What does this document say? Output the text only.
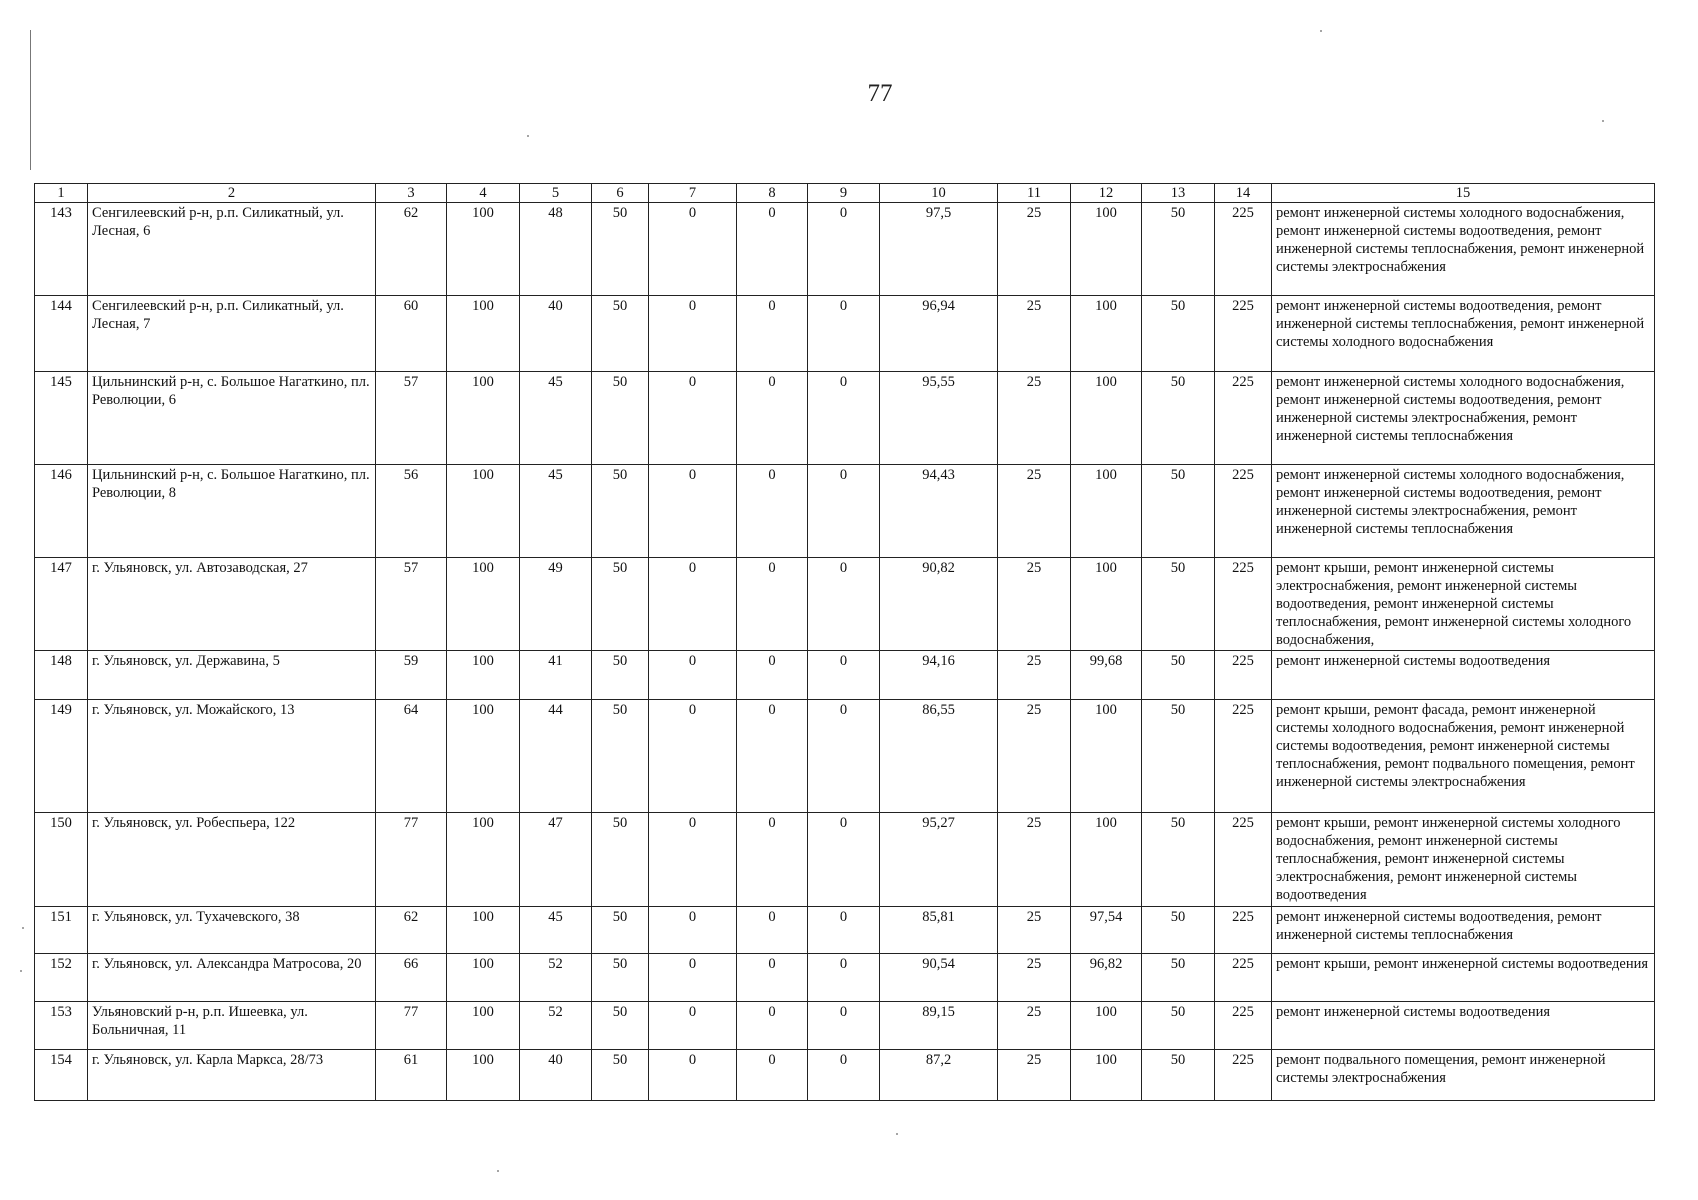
77
1	2	3	4	5	6	7	8	9	10	11	12	13	14	15
143	Сенгилеевский р-н, р.п. Силикатный, ул. Лесная, 6	62	100	48	50	0	0	0	97,5	25	100	50	225	ремонт инженерной системы холодного водоснабжения, ремонт инженерной системы водоотведения, ремонт инженерной системы теплоснабжения, ремонт инженерной системы электроснабжения
144	Сенгилеевский р-н, р.п. Силикатный, ул. Лесная, 7	60	100	40	50	0	0	0	96,94	25	100	50	225	ремонт инженерной системы водоотведения, ремонт инженерной системы теплоснабжения, ремонт инженерной системы холодного водоснабжения
145	Цильнинский р-н, с. Большое Нагаткино, пл. Революции, 6	57	100	45	50	0	0	0	95,55	25	100	50	225	ремонт инженерной системы холодного водоснабжения, ремонт инженерной системы водоотведения, ремонт инженерной системы электроснабжения, ремонт инженерной системы теплоснабжения
146	Цильнинский р-н, с. Большое Нагаткино, пл. Революции, 8	56	100	45	50	0	0	0	94,43	25	100	50	225	ремонт инженерной системы холодного водоснабжения, ремонт инженерной системы водоотведения, ремонт инженерной системы электроснабжения, ремонт инженерной системы теплоснабжения
147	г. Ульяновск, ул. Автозаводская, 27	57	100	49	50	0	0	0	90,82	25	100	50	225	ремонт крыши, ремонт инженерной системы электроснабжения, ремонт инженерной системы водоотведения, ремонт инженерной системы теплоснабжения, ремонт инженерной системы холодного водоснабжения,
148	г. Ульяновск, ул. Державина, 5	59	100	41	50	0	0	0	94,16	25	99,68	50	225	ремонт инженерной системы водоотведения
149	г. Ульяновск, ул. Можайского, 13	64	100	44	50	0	0	0	86,55	25	100	50	225	ремонт крыши, ремонт фасада, ремонт инженерной системы холодного водоснабжения, ремонт инженерной системы водоотведения, ремонт инженерной системы теплоснабжения, ремонт подвального помещения, ремонт инженерной системы электроснабжения
150	г. Ульяновск, ул. Робеспьера, 122	77	100	47	50	0	0	0	95,27	25	100	50	225	ремонт крыши, ремонт инженерной системы холодного водоснабжения, ремонт инженерной системы теплоснабжения, ремонт инженерной системы электроснабжения, ремонт инженерной системы водоотведения
151	г. Ульяновск, ул. Тухачевского, 38	62	100	45	50	0	0	0	85,81	25	97,54	50	225	ремонт инженерной системы водоотведения, ремонт инженерной системы теплоснабжения
152	г. Ульяновск, ул. Александра Матросова, 20	66	100	52	50	0	0	0	90,54	25	96,82	50	225	ремонт крыши, ремонт инженерной системы водоотведения
153	Ульяновский р-н, р.п. Ишеевка, ул. Больничная, 11	77	100	52	50	0	0	0	89,15	25	100	50	225	ремонт инженерной системы водоотведения
154	г. Ульяновск, ул. Карла Маркса, 28/73	61	100	40	50	0	0	0	87,2	25	100	50	225	ремонт подвального помещения, ремонт инженерной системы электроснабжения
